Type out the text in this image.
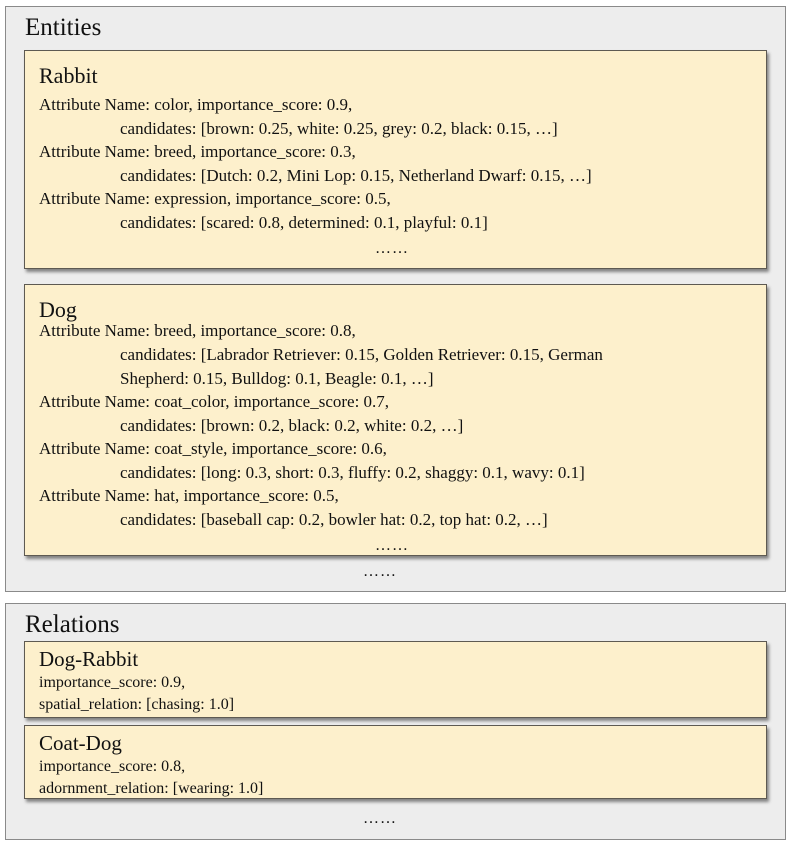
Entities
Rabbit
Attribute Name: color, importance_score: 0.9,
candidates: [brown: 0.25, white: 0.25, grey: 0.2, black: 0.15, …]
Attribute Name: breed, importance_score: 0.3,
candidates: [Dutch: 0.2, Mini Lop: 0.15, Netherland Dwarf: 0.15, …]
Attribute Name: expression, importance_score: 0.5,
candidates: [scared: 0.8, determined: 0.1, playful: 0.1]
……
Dog
Attribute Name: breed, importance_score: 0.8,
candidates: [Labrador Retriever: 0.15, Golden Retriever: 0.15, German
Shepherd: 0.15, Bulldog: 0.1, Beagle: 0.1, …]
Attribute Name: coat_color, importance_score: 0.7,
candidates: [brown: 0.2, black: 0.2, white: 0.2, …]
Attribute Name: coat_style, importance_score: 0.6,
candidates: [long: 0.3, short: 0.3, fluffy: 0.2, shaggy: 0.1, wavy: 0.1]
Attribute Name: hat, importance_score: 0.5,
candidates: [baseball cap: 0.2, bowler hat: 0.2, top hat: 0.2, …]
……
……
Relations
Dog-Rabbit
importance_score: 0.9,
spatial_relation: [chasing: 1.0]
Coat-Dog
importance_score: 0.8,
adornment_relation: [wearing: 1.0]
……
